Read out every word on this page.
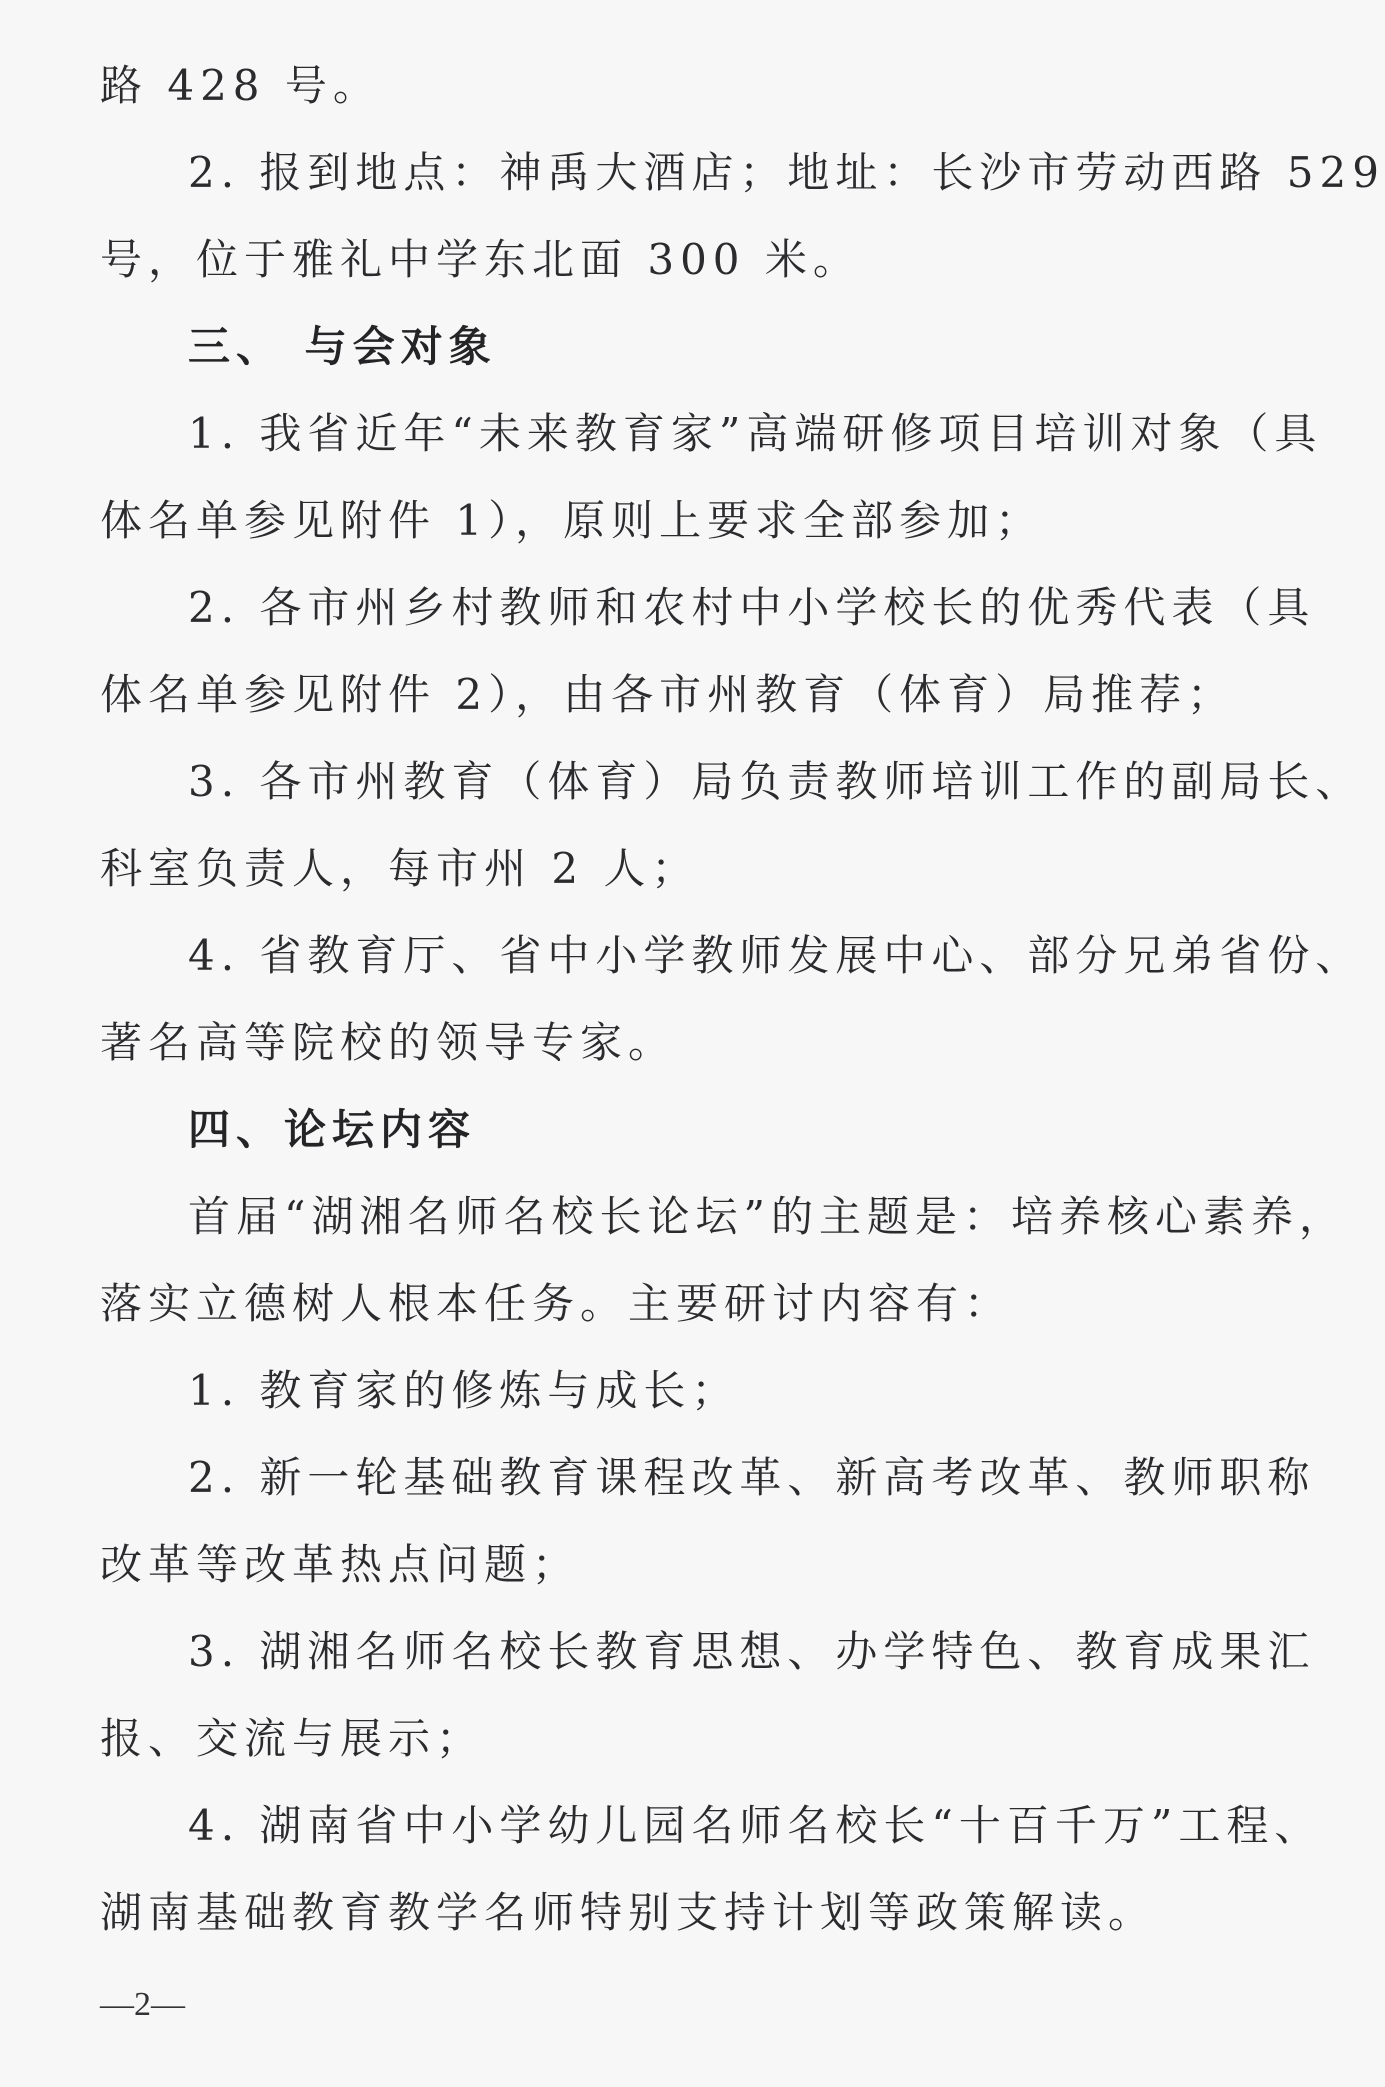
路 428 号。
2. 报到地点：神禹大酒店；地址：长沙市劳动西路 529
号，位于雅礼中学东北面 300 米。
三、 与会对象
1. 我省近年“未来教育家”高端研修项目培训对象（具
体名单参见附件 1），原则上要求全部参加；
2. 各市州乡村教师和农村中小学校长的优秀代表（具
体名单参见附件 2），由各市州教育（体育）局推荐；
3. 各市州教育（体育）局负责教师培训工作的副局长、
科室负责人，每市州 2 人；
4. 省教育厅、省中小学教师发展中心、部分兄弟省份、
著名高等院校的领导专家。
四、论坛内容
首届“湖湘名师名校长论坛”的主题是：培养核心素养，
落实立德树人根本任务。主要研讨内容有：
1. 教育家的修炼与成长；
2. 新一轮基础教育课程改革、新高考改革、教师职称
改革等改革热点问题；
3. 湖湘名师名校长教育思想、办学特色、教育成果汇
报、交流与展示；
4. 湖南省中小学幼儿园名师名校长“十百千万”工程、
湖南基础教育教学名师特别支持计划等政策解读。
—2—
